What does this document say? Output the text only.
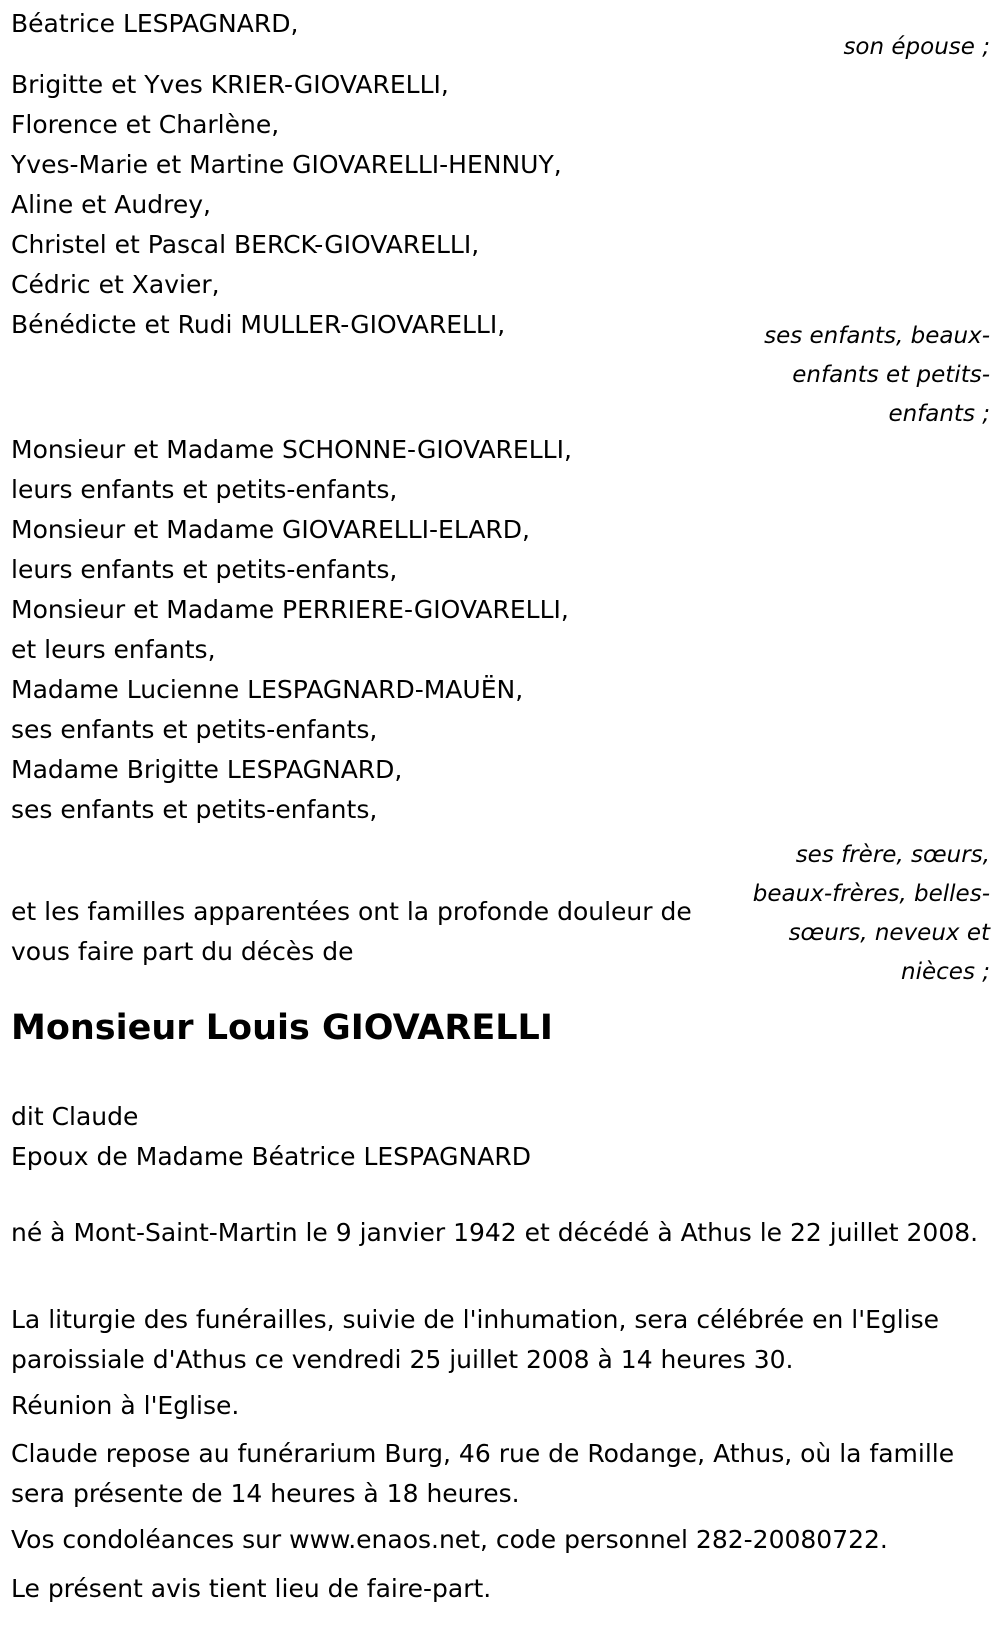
Béatrice LESPAGNARD,
son épouse ;
Brigitte et Yves KRIER-GIOVARELLI,
Florence et Charlène,
Yves-Marie et Martine GIOVARELLI-HENNUY,
Aline et Audrey,
Christel et Pascal BERCK-GIOVARELLI,
Cédric et Xavier,
Bénédicte et Rudi MULLER-GIOVARELLI,	ses enfants, beaux-
enfants et petits-
enfants ;
Monsieur et Madame SCHONNE-GIOVARELLI,
leurs enfants et petits-enfants,
Monsieur et Madame GIOVARELLI-ELARD,
leurs enfants et petits-enfants,
Monsieur et Madame PERRIERE-GIOVARELLI,
et leurs enfants,
Madame Lucienne LESPAGNARD-MAUËN,
ses enfants et petits-enfants,
Madame Brigitte LESPAGNARD,
ses enfants et petits-enfants,
ses frère, sœurs,
beaux-frères, belles-
sœurs, neveux et
nièces ;
et les familles apparentées ont la profonde douleur de
vous faire part du décès de
Monsieur Louis GIOVARELLI
dit Claude
Epoux de Madame Béatrice LESPAGNARD
né à Mont-Saint-Martin le 9 janvier 1942 et décédé à Athus le 22 juillet 2008.
La liturgie des funérailles, suivie de l'inhumation, sera célébrée en l'Eglise paroissiale d'Athus ce vendredi 25 juillet 2008 à 14 heures 30.
Réunion à l'Eglise.
Claude repose au funérarium Burg, 46 rue de Rodange, Athus, où la famille sera présente de 14 heures à 18 heures.
Vos condoléances sur www.enaos.net, code personnel 282-20080722.
Le présent avis tient lieu de faire-part.
